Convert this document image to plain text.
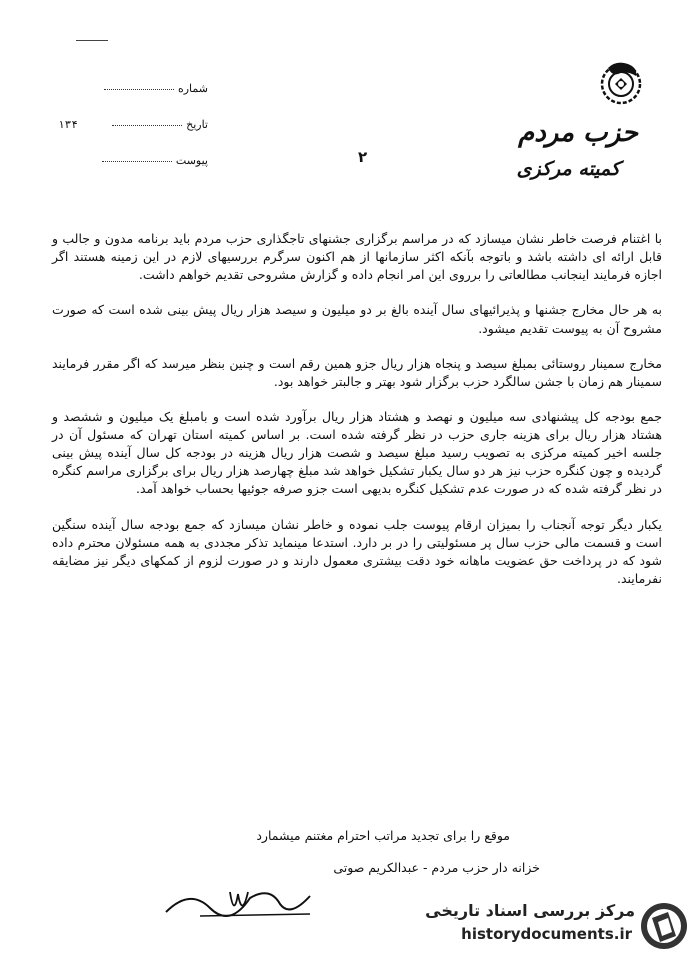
شماره
تاریخ
۱۳۴
پیوست
حزب مردم
کمیته مرکزی
۲

با اغتنام فرصت خاطر نشان میسازد که در مراسم برگزاری جشنهای تاجگذاری حزب مردم باید برنامه مدون و جالب و قابل ارائه ای داشته باشد و باتوجه بآنکه اکثر سازمانها از هم اکنون سرگرم بررسیهای لازم در این زمینه هستند اگر اجازه فرمایند اینجانب مطالعاتی را برروی این امر انجام داده و گزارش مشروحی تقدیم خواهم داشت.

به هر حال مخارج جشنها و پذیرائیهای سال آینده بالغ بر دو میلیون و سیصد هزار ریال پیش بینی شده است که صورت مشروح آن به پیوست تقدیم میشود.

مخارج سمینار روستائی بمبلغ سیصد و پنجاه هزار ریال جزو همین رقم است و چنین بنظر میرسد که اگر مقرر فرمایند سمینار هم زمان با جشن سالگرد حزب برگزار شود بهتر و جالبتر خواهد بود.

جمع بودجه کل پیشنهادی سه میلیون و نهصد و هشتاد هزار ریال برآورد شده است و بامبلغ یک میلیون و ششصد و هشتاد هزار ریال برای هزینه جاری حزب در نظر گرفته شده است. بر اساس کمیته استان تهران که مسئول آن در جلسه اخیر کمیته مرکزی به تصویب رسید مبلغ سیصد و شصت هزار ریال هزینه در بودجه کل سال آینده پیش بینی گردیده و چون کنگره حزب نیز هر دو سال یکبار تشکیل خواهد شد مبلغ چهارصد هزار ریال برای برگزاری مراسم کنگره در نظر گرفته شده که در صورت عدم تشکیل کنگره بدیهی است جزو صرفه جوئیها بحساب خواهد آمد.

یکبار دیگر توجه آنجناب را بمیزان ارقام پیوست جلب نموده و خاطر نشان میسازد که جمع بودجه سال آینده سنگین است و قسمت مالی حزب سال پر مسئولیتی را در بر دارد. استدعا مینماید تذکر مجددی به همه مسئولان محترم داده شود که در پرداخت حق عضویت ماهانه خود دقت بیشتری معمول دارند و در صورت لزوم از کمکهای دیگر نیز مضایقه نفرمایند.

موقع را برای تجدید مراتب احترام مغتنم میشمارد
خزانه دار حزب مردم - عبدالکریم صوتی
مرکز بررسی اسناد تاریخی
historydocuments.ir
